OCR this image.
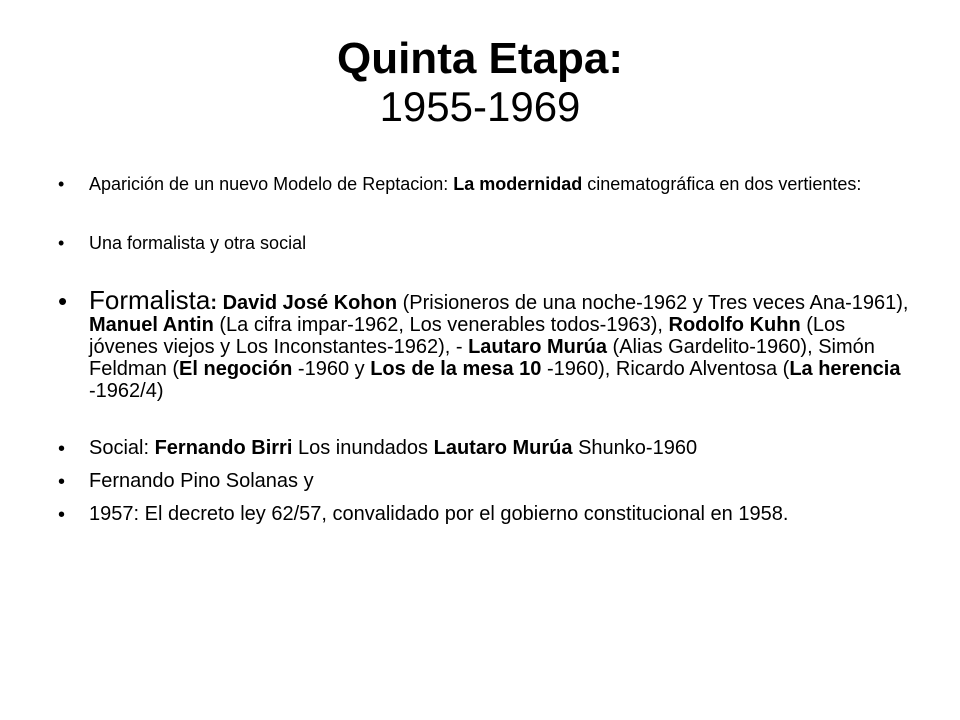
Quinta Etapa:
1955-1969
• Aparición de un nuevo Modelo de Reptacion: La modernidad cinematográfica en dos vertientes:
• Una formalista y otra social
• Formalista: David José Kohon (Prisioneros de una noche-1962 y Tres veces Ana-1961), Manuel Antin (La cifra impar-1962, Los venerables todos-1963), Rodolfo Kuhn (Los jóvenes viejos y Los Inconstantes-1962), - Lautaro Murúa (Alias Gardelito-1960), Simón Feldman (El negoción -1960 y Los de la mesa 10 -1960), Ricardo Alventosa (La herencia -1962/4)
• Social: Fernando Birri Los inundados Lautaro Murúa Shunko-1960
• Fernando Pino Solanas y
• 1957: El decreto ley 62/57, convalidado por el gobierno constitucional en 1958.
